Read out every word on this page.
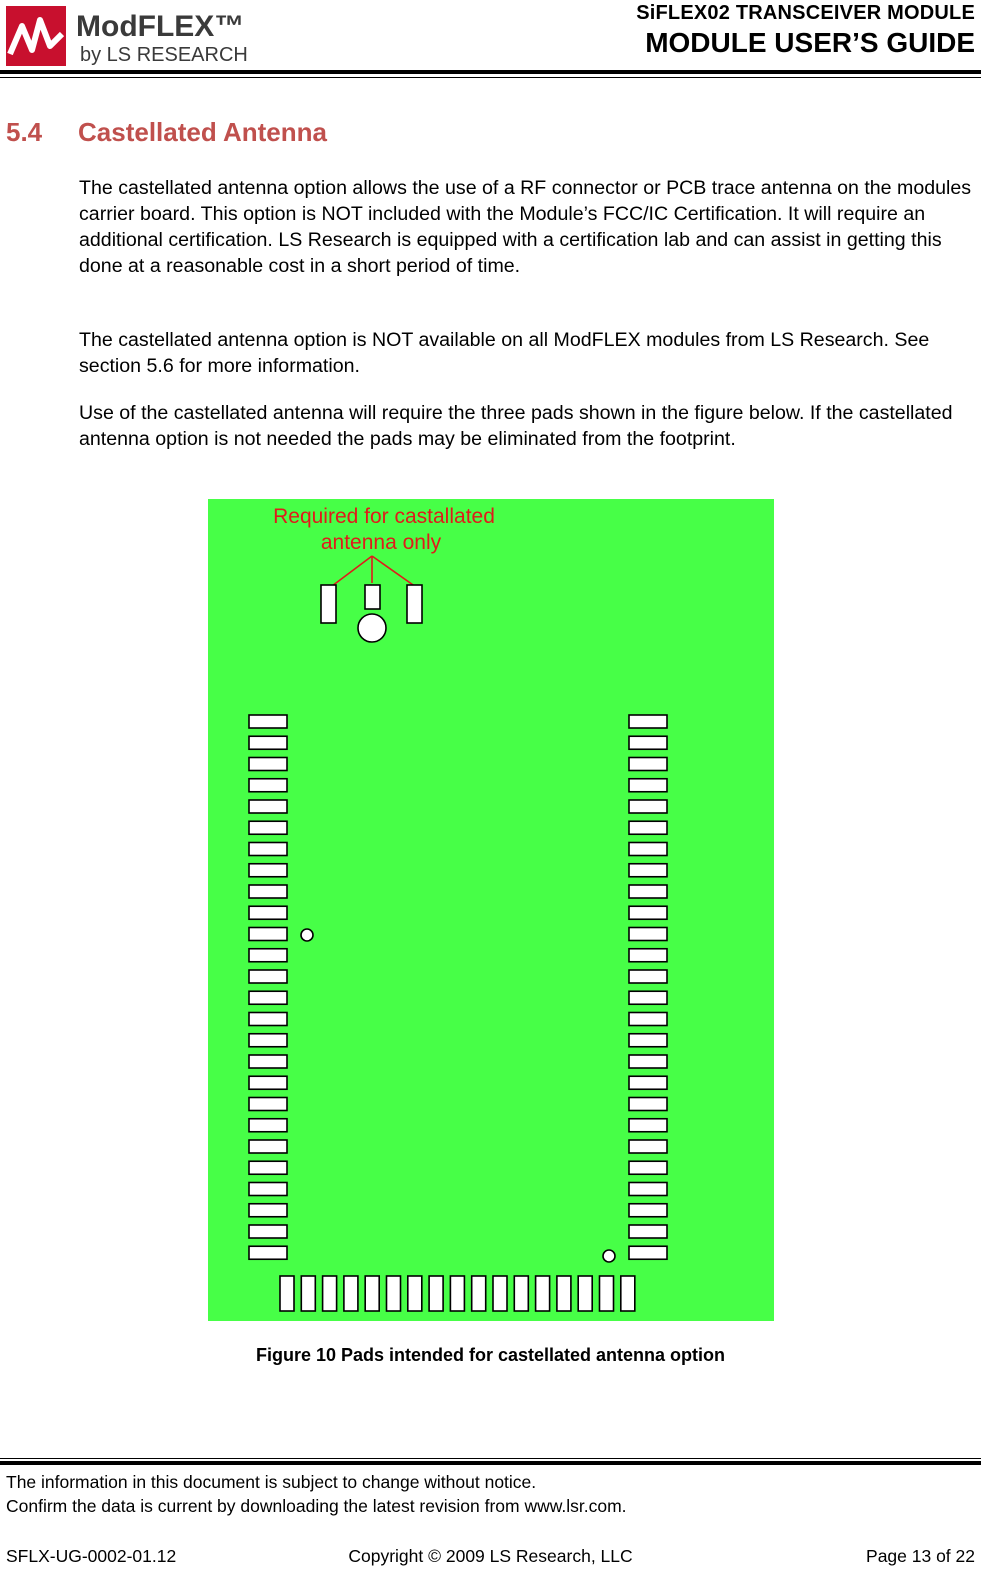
ModFLEX™
by LS RESEARCH
SiFLEX02 TRANSCEIVER MODULE
MODULE USER’S GUIDE
5.4 Castellated Antenna
The castellated antenna option allows the use of a RF connector or PCB trace antenna on the modules carrier board. This option is NOT included with the Module’s FCC/IC Certification. It will require an additional certification. LS Research is equipped with a certification lab and can assist in getting this done at a reasonable cost in a short period of time.
The castellated antenna option is NOT available on all ModFLEX modules from LS Research. See section 5.6 for more information.
Use of the castellated antenna will require the three pads shown in the figure below. If the castellated antenna option is not needed the pads may be eliminated from the footprint.
Required for castallated
antenna only
Figure 10 Pads intended for castellated antenna option
The information in this document is subject to change without notice.
Confirm the data is current by downloading the latest revision from www.lsr.com.
SFLX-UG-0002-01.12	Copyright © 2009 LS Research, LLC	Page 13 of 22
